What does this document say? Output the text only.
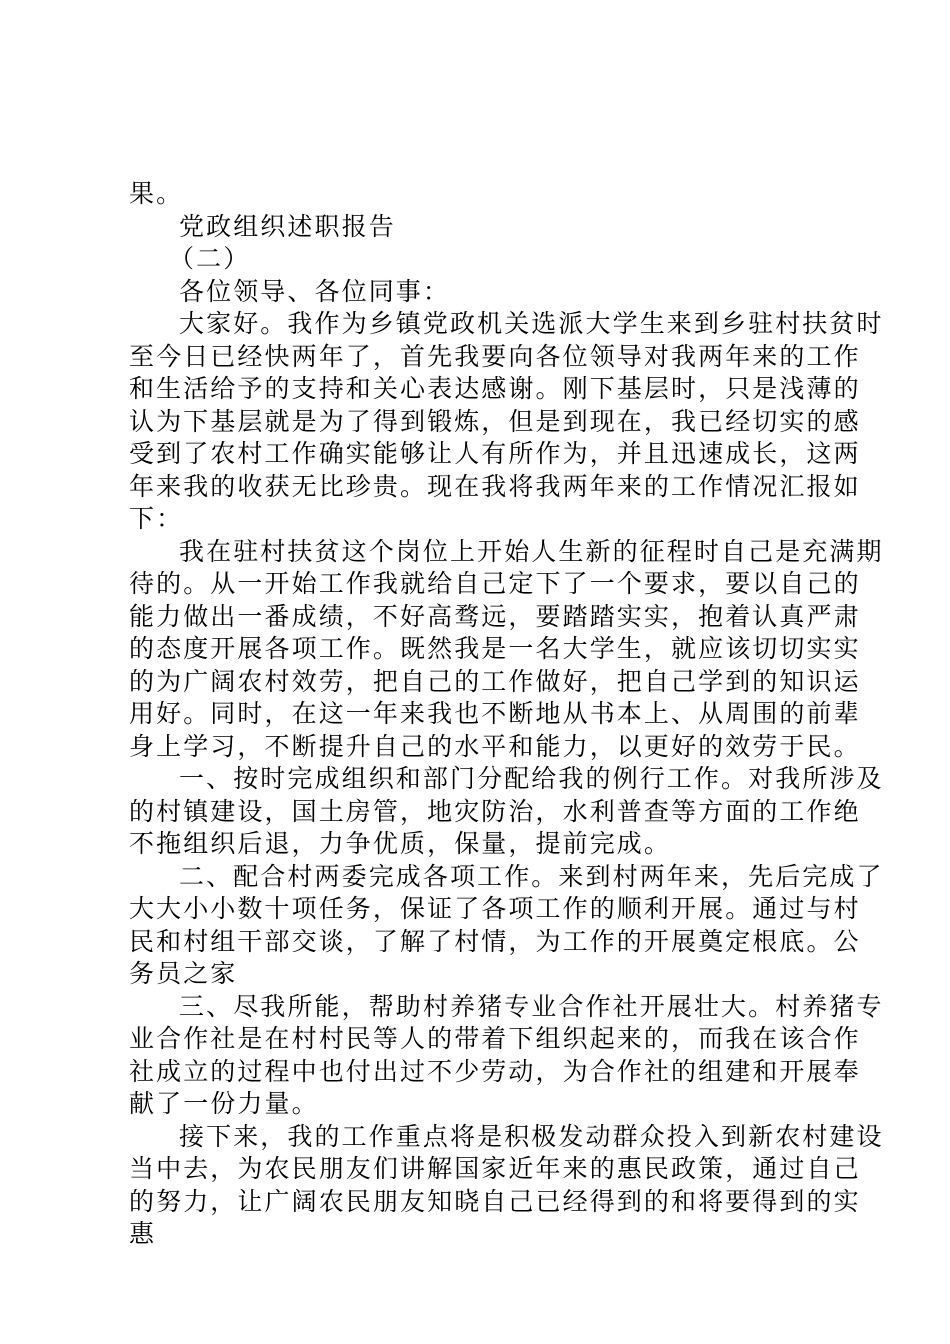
果。

党政组织述职报告

（二）

各位领导、各位同事：

大家好。我作为乡镇党政机关选派大学生来到乡驻村扶贫时

至今日已经快两年了，首先我要向各位领导对我两年来的工作

和生活给予的支持和关心表达感谢。刚下基层时，只是浅薄的

认为下基层就是为了得到锻炼，但是到现在，我已经切实的感

受到了农村工作确实能够让人有所作为，并且迅速成长，这两

年来我的收获无比珍贵。现在我将我两年来的工作情况汇报如

下：

我在驻村扶贫这个岗位上开始人生新的征程时自己是充满期

待的。从一开始工作我就给自己定下了一个要求，要以自己的

能力做出一番成绩，不好高骛远，要踏踏实实，抱着认真严肃

的态度开展各项工作。既然我是一名大学生，就应该切切实实

的为广阔农村效劳，把自己的工作做好，把自己学到的知识运

用好。同时，在这一年来我也不断地从书本上、从周围的前辈

身上学习，不断提升自己的水平和能力，以更好的效劳于民。

一、按时完成组织和部门分配给我的例行工作。对我所涉及

的村镇建设，国土房管，地灾防治，水利普查等方面的工作绝

不拖组织后退，力争优质，保量，提前完成。

二、配合村两委完成各项工作。来到村两年来，先后完成了

大大小小数十项任务，保证了各项工作的顺利开展。通过与村

民和村组干部交谈，了解了村情，为工作的开展奠定根底。公

务员之家

三、尽我所能，帮助村养猪专业合作社开展壮大。村养猪专

业合作社是在村村民等人的带着下组织起来的，而我在该合作

社成立的过程中也付出过不少劳动，为合作社的组建和开展奉

献了一份力量。

接下来，我的工作重点将是积极发动群众投入到新农村建设

当中去，为农民朋友们讲解国家近年来的惠民政策，通过自己

的努力，让广阔农民朋友知晓自己已经得到的和将要得到的实

惠
